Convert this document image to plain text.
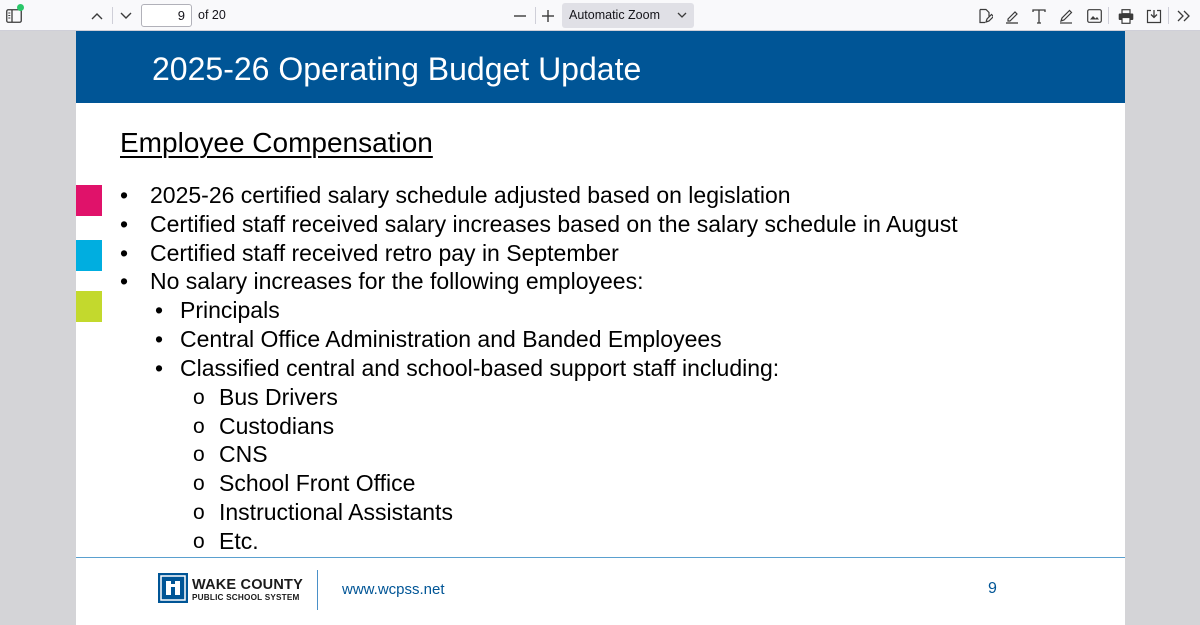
9	of 20	Automatic Zoom
2025-26 Operating Budget Update
Employee Compensation
• 2025-26 certified salary schedule adjusted based on legislation
• Certified staff received salary increases based on the salary schedule in August
• Certified staff received retro pay in September
• No salary increases for the following employees:
• Principals
• Central Office Administration and Banded Employees
• Classified central and school-based support staff including:
o Bus Drivers
o Custodians
o CNS
o School Front Office
o Instructional Assistants
o Etc.
WAKE COUNTY
PUBLIC SCHOOL SYSTEM	www.wcpss.net	9
